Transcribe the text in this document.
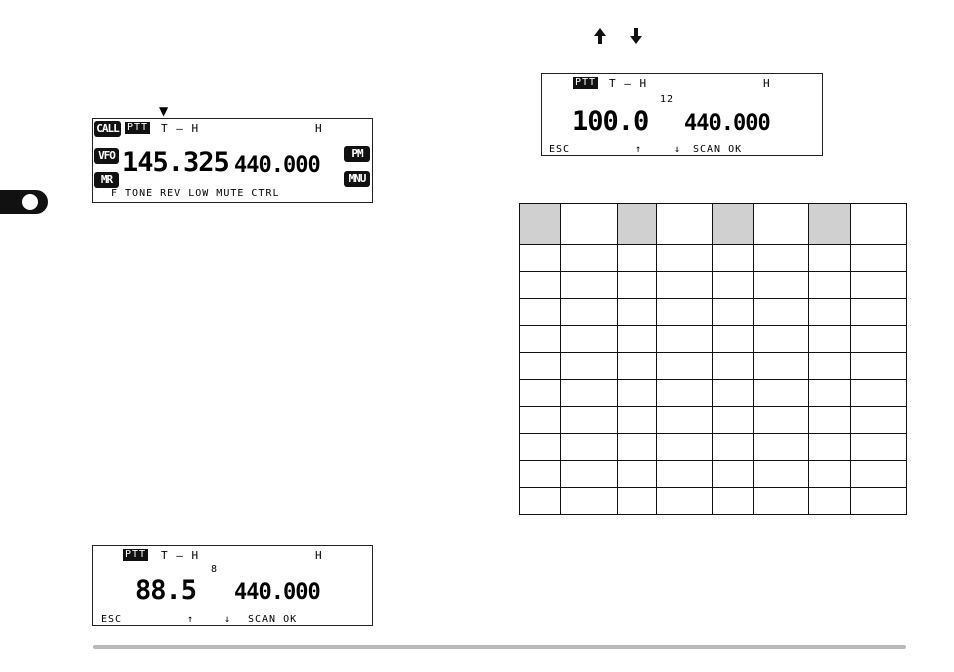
▼
CALL PTT T – H	H
VFO
MR
PM
MNU
145.325 440.000
F TONE REV LOW MUTE CTRL
PTT T – H	H
12
100.0 440.000
ESC	↑	↓ SCAN OK

PTT T – H	H
8
88.5 440.000
ESC	↑	↓ SCAN OK
